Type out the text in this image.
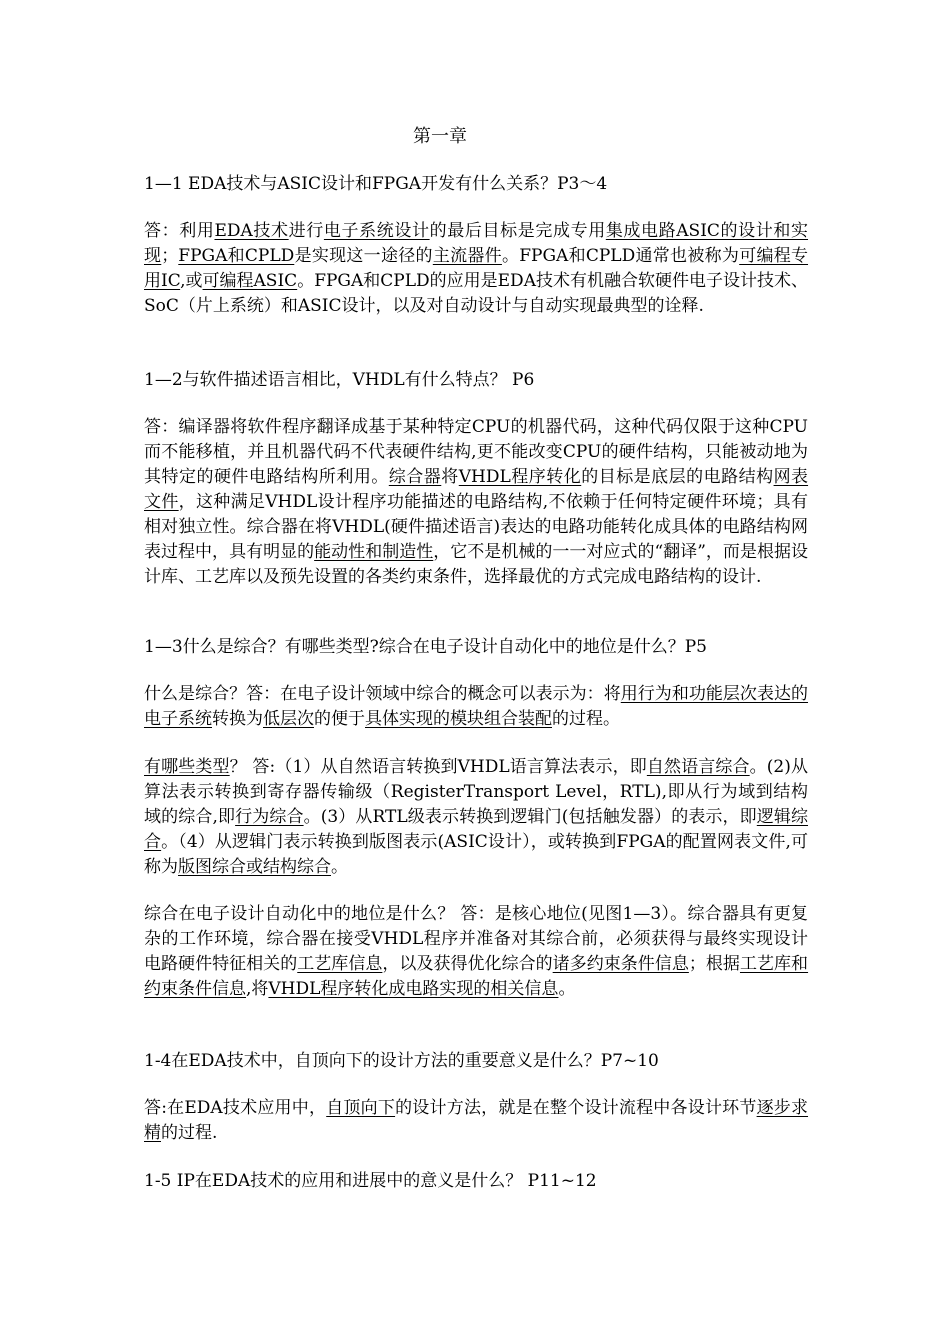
第一章

1—1 EDA技术与ASIC设计和FPGA开发有什么关系？P3～4

答：利用EDA技术进行电子系统设计的最后目标是完成专用集成电路ASIC的设计和实现；FPGA和CPLD是实现这一途径的主流器件。FPGA和CPLD通常也被称为可编程专用IC,或可编程ASIC。FPGA和CPLD的应用是EDA技术有机融合软硬件电子设计技术、SoC（片上系统）和ASIC设计，以及对自动设计与自动实现最典型的诠释.

1—2与软件描述语言相比，VHDL有什么特点？ P6

答：编译器将软件程序翻译成基于某种特定CPU的机器代码，这种代码仅限于这种CPU而不能移植，并且机器代码不代表硬件结构,更不能改变CPU的硬件结构，只能被动地为其特定的硬件电路结构所利用。综合器将VHDL程序转化的目标是底层的电路结构网表文件，这种满足VHDL设计程序功能描述的电路结构,不依赖于任何特定硬件环境；具有相对独立性。综合器在将VHDL(硬件描述语言)表达的电路功能转化成具体的电路结构网表过程中，具有明显的能动性和制造性，它不是机械的一一对应式的“翻译”，而是根据设计库、工艺库以及预先设置的各类约束条件，选择最优的方式完成电路结构的设计.

1—3什么是综合？有哪些类型?综合在电子设计自动化中的地位是什么？P5

什么是综合？答：在电子设计领域中综合的概念可以表示为：将用行为和功能层次表达的电子系统转换为低层次的便于具体实现的模块组合装配的过程。

有哪些类型？ 答:（1）从自然语言转换到VHDL语言算法表示，即自然语言综合。(2)从算法表示转换到寄存器传输级（RegisterTransport Level，RTL),即从行为域到结构域的综合,即行为综合。(3）从RTL级表示转换到逻辑门(包括触发器）的表示，即逻辑综合。（4）从逻辑门表示转换到版图表示(ASIC设计），或转换到FPGA的配置网表文件,可称为版图综合或结构综合。

综合在电子设计自动化中的地位是什么？ 答：是核心地位(见图1—3）。综合器具有更复杂的工作环境，综合器在接受VHDL程序并准备对其综合前，必须获得与最终实现设计电路硬件特征相关的工艺库信息，以及获得优化综合的诸多约束条件信息；根据工艺库和约束条件信息,将VHDL程序转化成电路实现的相关信息。

1-4在EDA技术中，自顶向下的设计方法的重要意义是什么？P7~10

答:在EDA技术应用中，自顶向下的设计方法，就是在整个设计流程中各设计环节逐步求精的过程.

1-5 IP在EDA技术的应用和进展中的意义是什么？ P11~12
